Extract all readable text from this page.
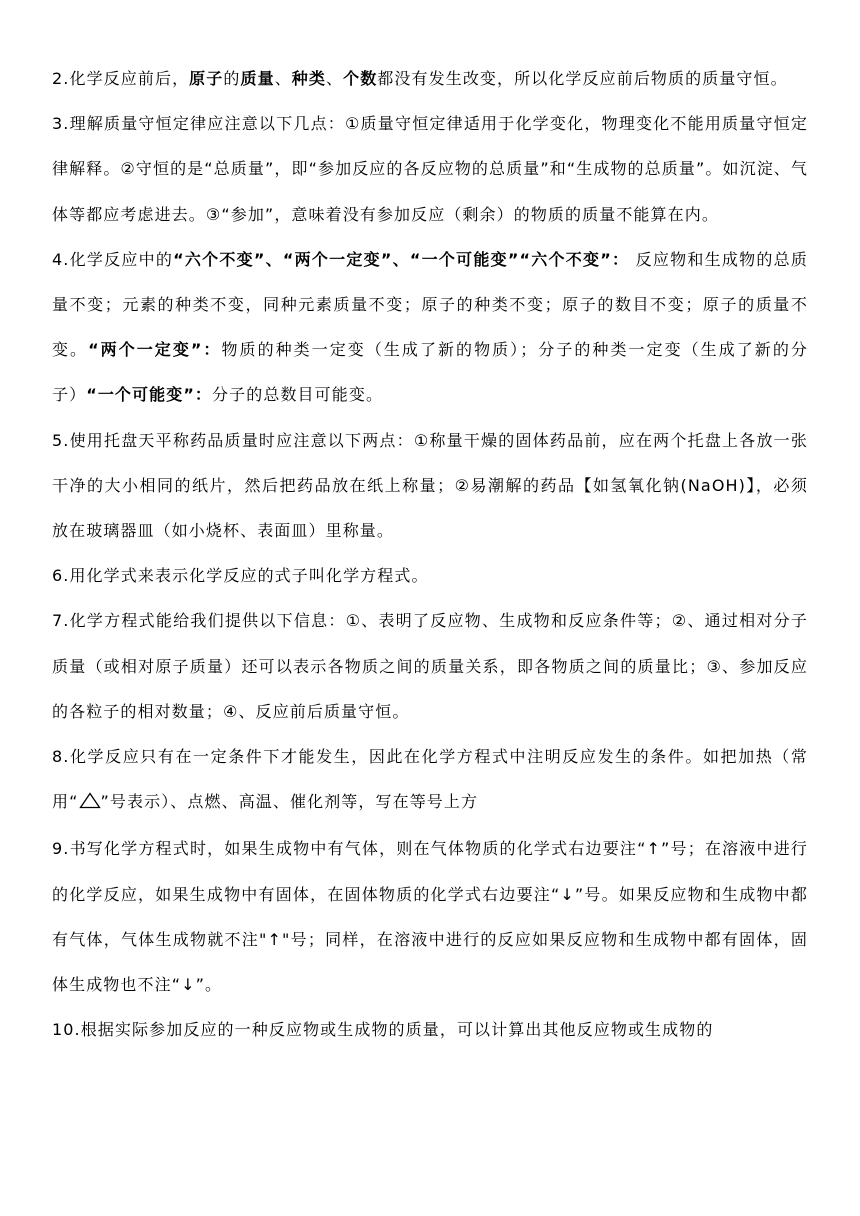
2.化学反应前后，原子的质量、种类、个数都没有发生改变，所以化学反应前后物质的质量守恒。

3.理解质量守恒定律应注意以下几点：①质量守恒定律适用于化学变化，物理变化不能用质量守恒定律解释。②守恒的是“总质量”，即“参加反应的各反应物的总质量”和“生成物的总质量”。如沉淀、气体等都应考虑进去。③“参加”，意味着没有参加反应（剩余）的物质的质量不能算在内。

4.化学反应中的“六个不变”、“两个一定变”、“一个可能变”“六个不变”： 反应物和生成物的总质量不变；元素的种类不变，同种元素质量不变；原子的种类不变；原子的数目不变；原子的质量不变。“两个一定变”：物质的种类一定变（生成了新的物质）；分子的种类一定变（生成了新的分子）“一个可能变”：分子的总数目可能变。

5.使用托盘天平称药品质量时应注意以下两点：①称量干燥的固体药品前，应在两个托盘上各放一张干净的大小相同的纸片，然后把药品放在纸上称量；②易潮解的药品【如氢氧化钠(NaOH)】，必须放在玻璃器皿（如小烧杯、表面皿）里称量。

6.用化学式来表示化学反应的式子叫化学方程式。

7.化学方程式能给我们提供以下信息：①、表明了反应物、生成物和反应条件等；②、通过相对分子质量（或相对原子质量）还可以表示各物质之间的质量关系，即各物质之间的质量比；③、参加反应的各粒子的相对数量；④、反应前后质量守恒。

8.化学反应只有在一定条件下才能发生，因此在化学方程式中注明反应发生的条件。如把加热（常用“ ”号表示）、点燃、高温、催化剂等，写在等号上方

9.书写化学方程式时，如果生成物中有气体，则在气体物质的化学式右边要注“↑”号；在溶液中进行的化学反应，如果生成物中有固体，在固体物质的化学式右边要注“↓”号。如果反应物和生成物中都有气体，气体生成物就不注"↑"号；同样，在溶液中进行的反应如果反应物和生成物中都有固体，固体生成物也不注“↓”。

10.根据实际参加反应的一种反应物或生成物的质量，可以计算出其他反应物或生成物的
